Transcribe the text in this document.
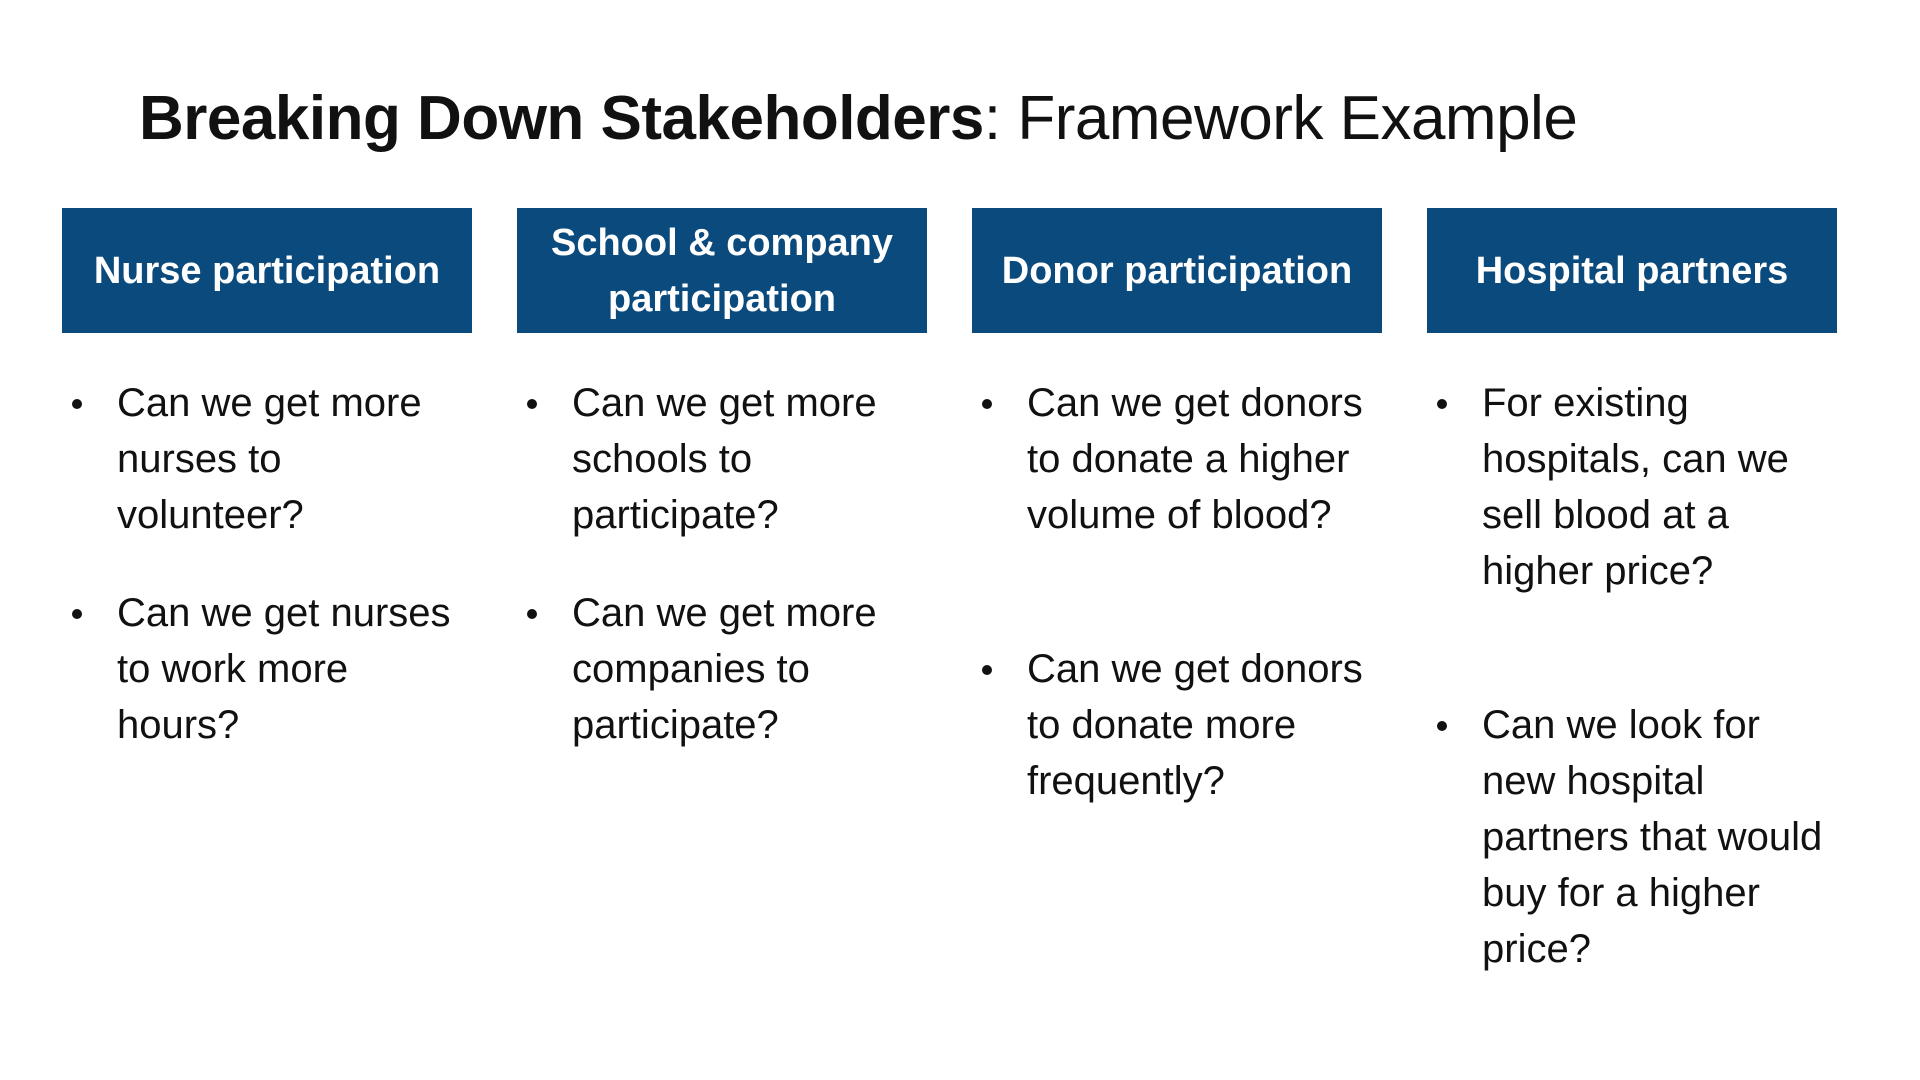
Breaking Down Stakeholders: Framework Example
Nurse participation
Can we get more nurses to volunteer?
Can we get nurses to work more hours?
School & company participation
Can we get more schools to participate?
Can we get more companies to participate?
Donor participation
Can we get donors to donate a higher volume of blood?
Can we get donors to donate more frequently?
Hospital partners
For existing hospitals, can we sell blood at a higher price?
Can we look for new hospital partners that would buy for a higher price?
